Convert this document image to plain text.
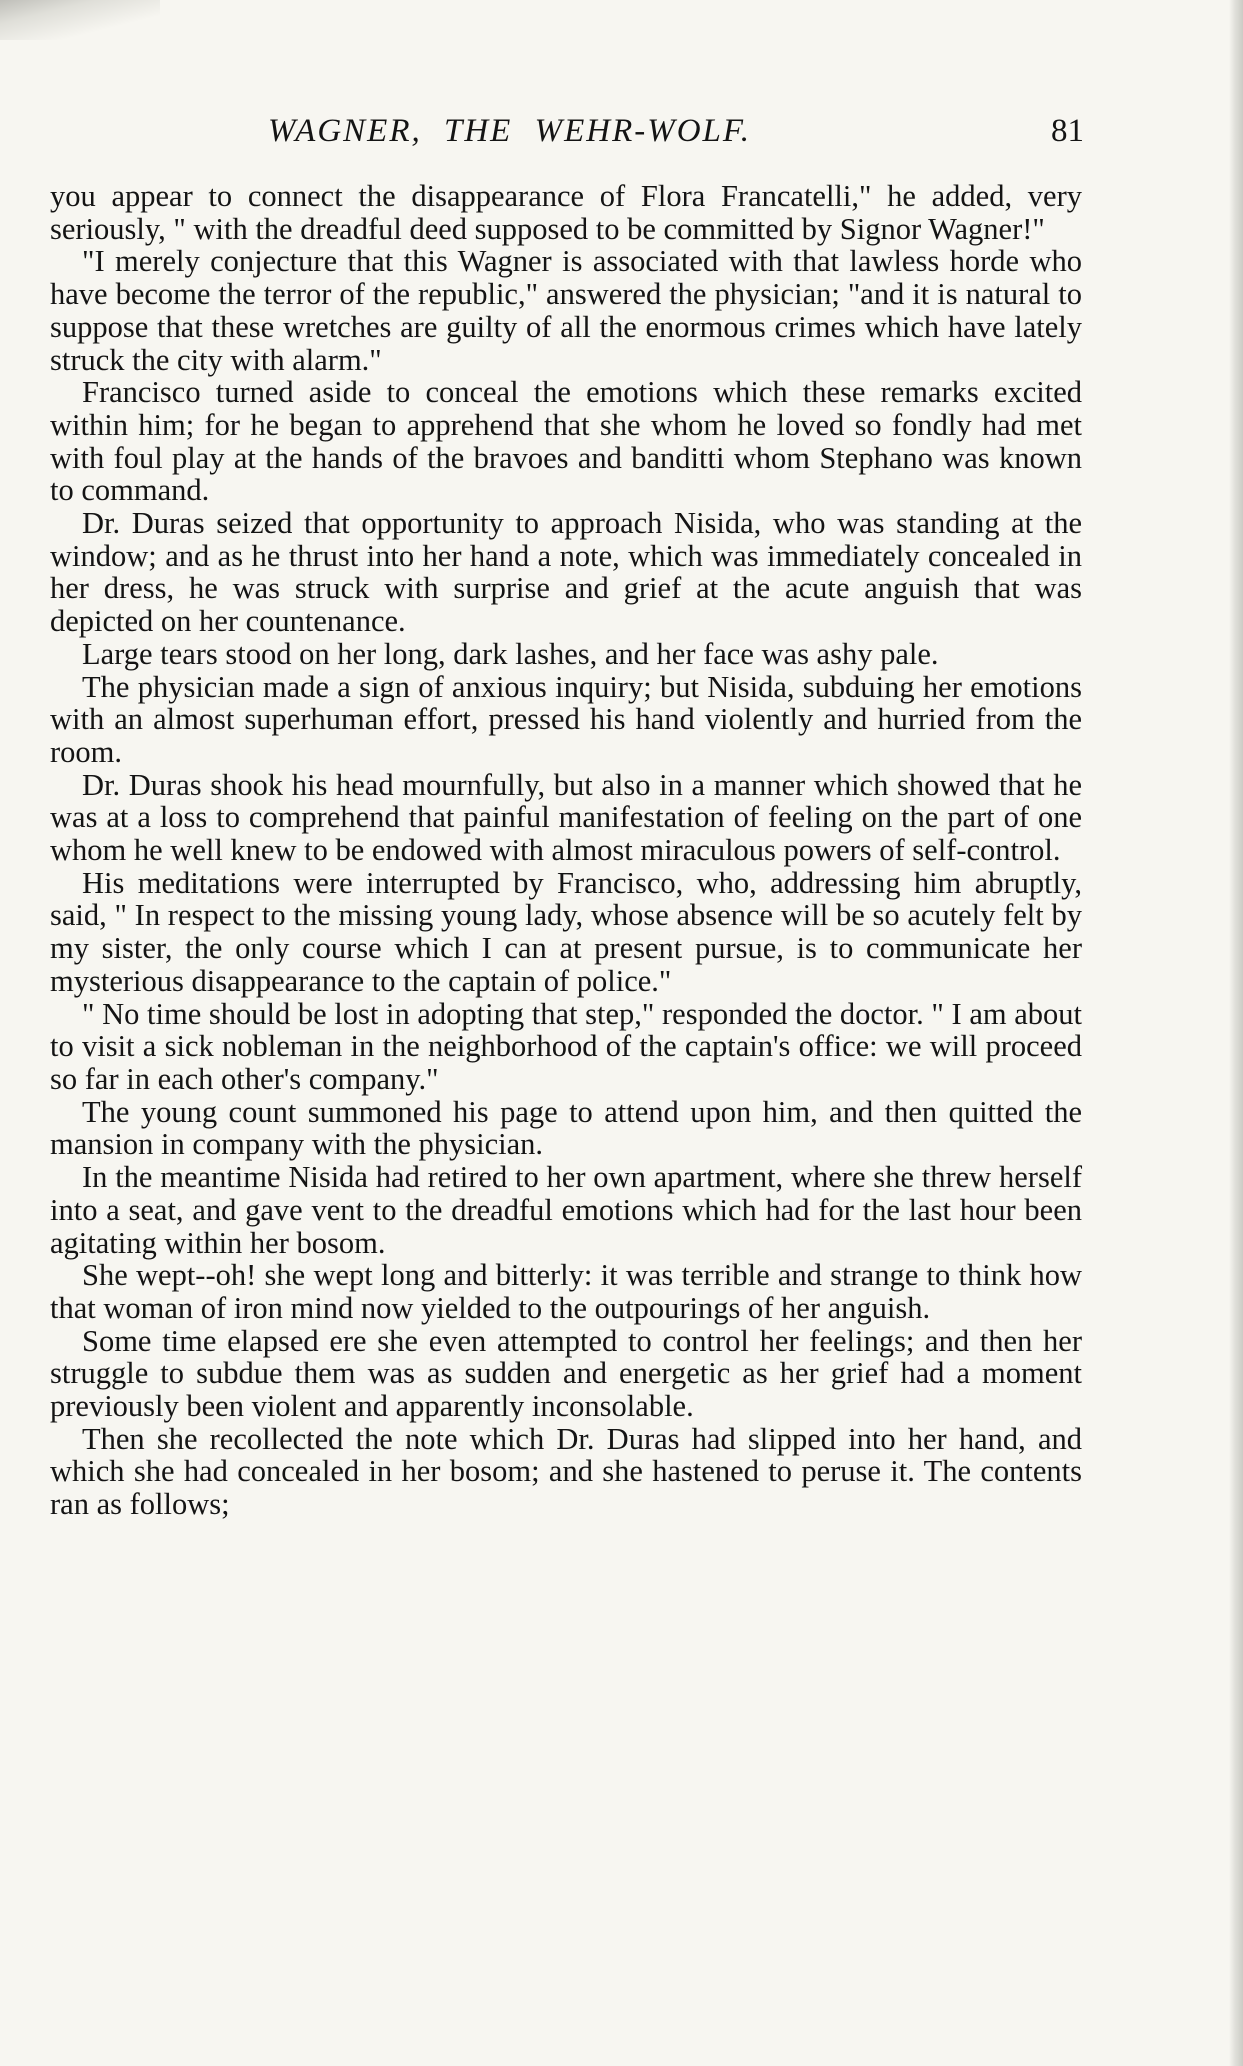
WAGNER, THE WEHR-WOLF.	81

you appear to connect the disappearance of Flora Francatelli," he added, very seriously, " with the dreadful deed supposed to be committed by Signor Wagner!"

"I merely conjecture that this Wagner is associated with that lawless horde who have become the terror of the republic," answered the physician; "and it is natural to suppose that these wretches are guilty of all the enormous crimes which have lately struck the city with alarm."

Francisco turned aside to conceal the emotions which these remarks excited within him; for he began to apprehend that she whom he loved so fondly had met with foul play at the hands of the bravoes and banditti whom Stephano was known to command.

Dr. Duras seized that opportunity to approach Nisida, who was standing at the window; and as he thrust into her hand a note, which was immediately concealed in her dress, he was struck with surprise and grief at the acute anguish that was depicted on her countenance.

Large tears stood on her long, dark lashes, and her face was ashy pale.

The physician made a sign of anxious inquiry; but Nisida, subduing her emotions with an almost superhuman effort, pressed his hand violently and hurried from the room.

Dr. Duras shook his head mournfully, but also in a manner which showed that he was at a loss to comprehend that painful manifestation of feeling on the part of one whom he well knew to be endowed with almost miraculous powers of self-control.

His meditations were interrupted by Francisco, who, addressing him abruptly, said, " In respect to the missing young lady, whose absence will be so acutely felt by my sister, the only course which I can at present pursue, is to communicate her mysterious disappearance to the captain of police."

" No time should be lost in adopting that step," responded the doctor. " I am about to visit a sick nobleman in the neighborhood of the captain's office: we will proceed so far in each other's company."

The young count summoned his page to attend upon him, and then quitted the mansion in company with the physician.

In the meantime Nisida had retired to her own apartment, where she threw herself into a seat, and gave vent to the dreadful emotions which had for the last hour been agitating within her bosom.

She wept--oh! she wept long and bitterly: it was terrible and strange to think how that woman of iron mind now yielded to the outpourings of her anguish.

Some time elapsed ere she even attempted to control her feelings; and then her struggle to subdue them was as sudden and energetic as her grief had a moment previously been violent and apparently inconsolable.

Then she recollected the note which Dr. Duras had slipped into her hand, and which she had concealed in her bosom; and she hastened to peruse it. The contents ran as follows;
